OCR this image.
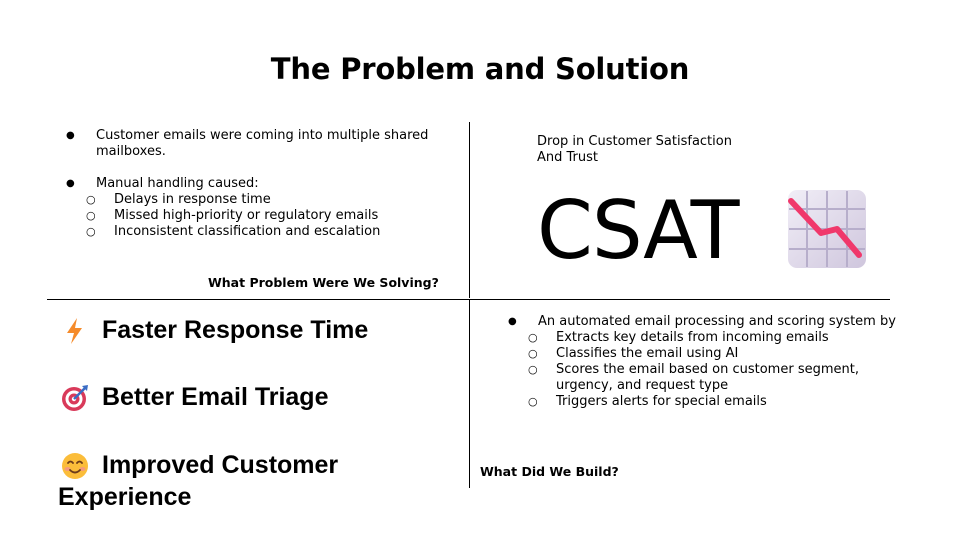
The Problem and Solution
● Customer emails were coming into multiple shared mailboxes.
● Manual handling caused:
○ Delays in response time
○ Missed high-priority or regulatory emails
○ Inconsistent classification and escalation
What Problem Were We Solving?
Drop in Customer Satisfaction
And Trust
CSAT
Faster Response Time
Better Email Triage
Improved Customer Experience
● An automated email processing and scoring system by
○ Extracts key details from incoming emails
○ Classifies the email using AI
○ Scores the email based on customer segment, urgency, and request type
○ Triggers alerts for special emails
What Did We Build?
